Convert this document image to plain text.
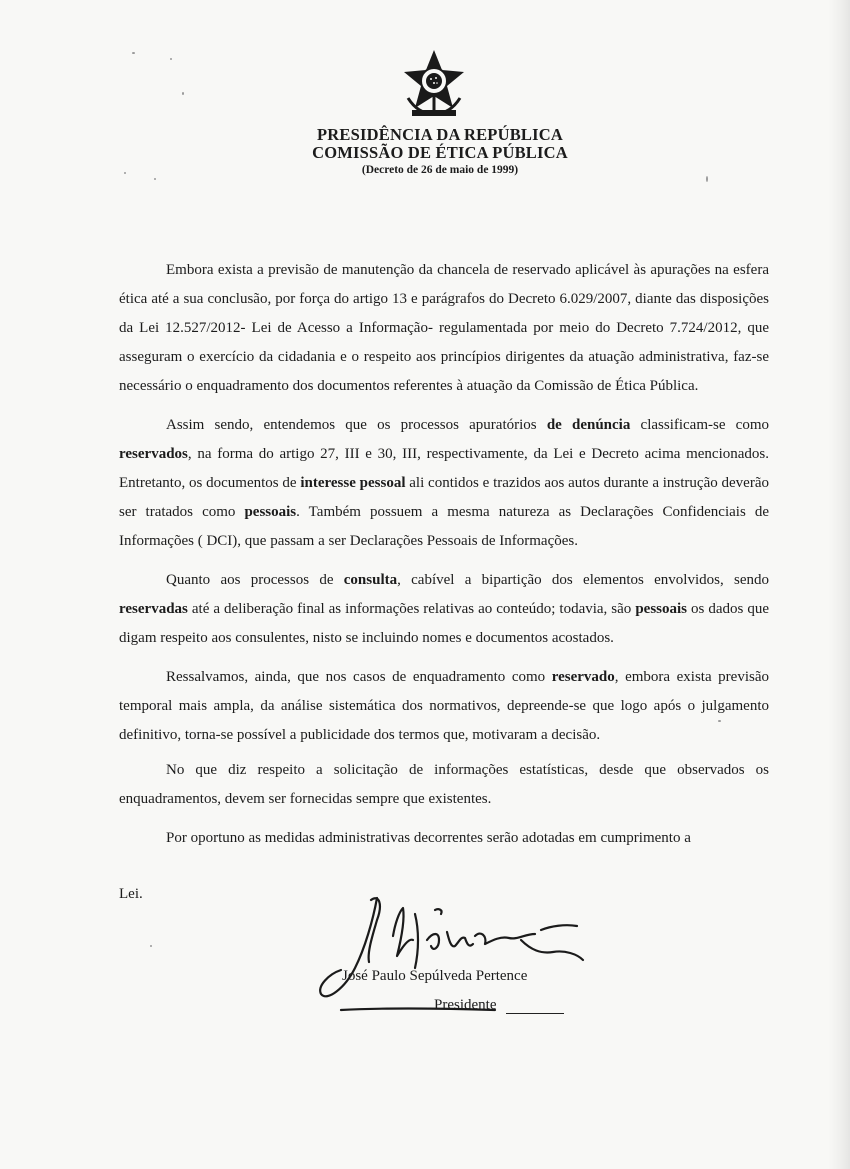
PRESIDÊNCIA DA REPÚBLICA
COMISSÃO DE ÉTICA PÚBLICA
(Decreto de 26 de maio de 1999)

Embora exista a previsão de manutenção da chancela de reservado aplicável às apurações na esfera ética até a sua conclusão, por força do artigo 13 e parágrafos do Decreto 6.029/2007, diante das disposições da Lei 12.527/2012- Lei de Acesso a Informação- regulamentada por meio do Decreto 7.724/2012, que asseguram o exercício da cidadania e o respeito aos princípios dirigentes da atuação administrativa, faz-se necessário o enquadramento dos documentos referentes à atuação da Comissão de Ética Pública.

Assim sendo, entendemos que os processos apuratórios de denúncia classificam-se como reservados, na forma do artigo 27, III e 30, III, respectivamente, da Lei e Decreto acima mencionados. Entretanto, os documentos de interesse pessoal ali contidos e trazidos aos autos durante a instrução deverão ser tratados como pessoais. Também possuem a mesma natureza as Declarações Confidenciais de Informações ( DCI), que passam a ser Declarações Pessoais de Informações.

Quanto aos processos de consulta, cabível a bipartição dos elementos envolvidos, sendo reservadas até a deliberação final as informações relativas ao conteúdo; todavia, são pessoais os dados que digam respeito aos consulentes, nisto se incluindo nomes e documentos acostados.

Ressalvamos, ainda, que nos casos de enquadramento como reservado, embora exista previsão temporal mais ampla, da análise sistemática dos normativos, depreende-se que logo após o julgamento definitivo, torna-se possível a publicidade dos termos que, motivaram a decisão.

No que diz respeito a solicitação de informações estatísticas, desde que observados os enquadramentos, devem ser fornecidas sempre que existentes.

Por oportuno as medidas administrativas decorrentes serão adotadas em cumprimento a

Lei.
José Paulo Sepúlveda Pertence
Presidente
